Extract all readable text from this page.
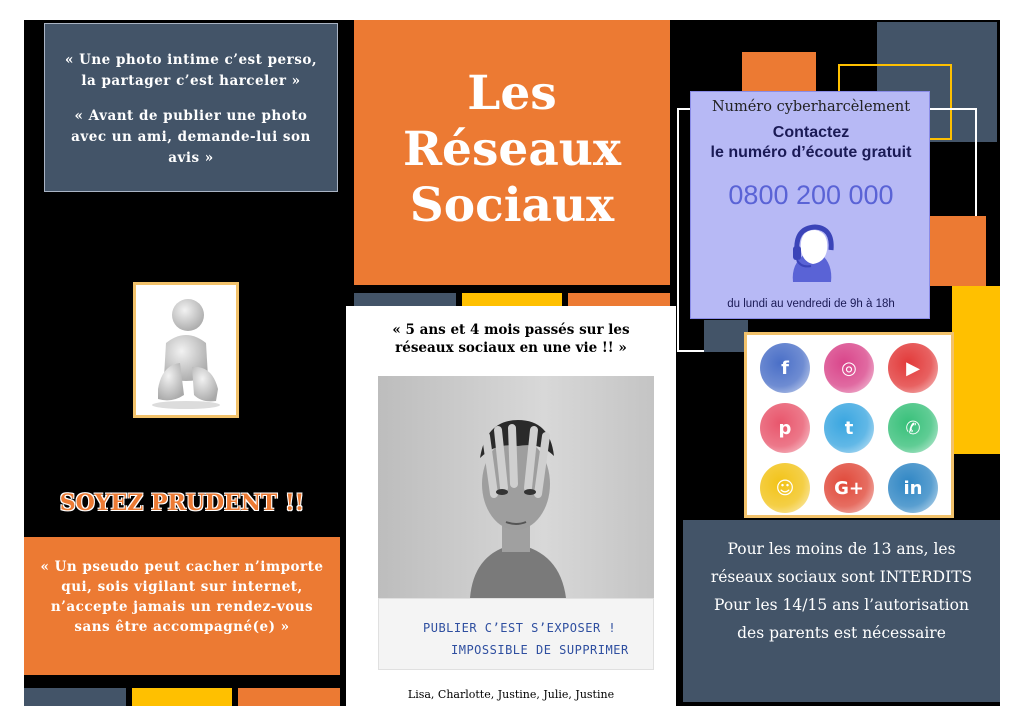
« Une photo intime c’est perso, la partager c’est harceler »
« Avant de publier une photo avec un ami, demande-lui son avis »
SOYEZ PRUDENT !!
« Un pseudo peut cacher n’importe qui, sois vigilant sur internet, n’accepte jamais un rendez-vous sans être accompagné(e) »
Les
Réseaux
Sociaux
« 5 ans et 4 mois passés sur les réseaux sociaux en une vie !! »
PUBLIER C’EST S’EXPOSER !
IMPOSSIBLE DE SUPPRIMER
Lisa, Charlotte, Justine, Julie, Justine
Numéro cyberharcèlement
Contactez
le numéro d’écoute gratuit
0800 200 000
du lundi au vendredi de 9h à 18h
f	◎	▶
p	t	✆
☺	G+	in
Pour les moins de 13 ans, les
réseaux sociaux sont INTERDITS
Pour les 14/15 ans l’autorisation
des parents est nécessaire
